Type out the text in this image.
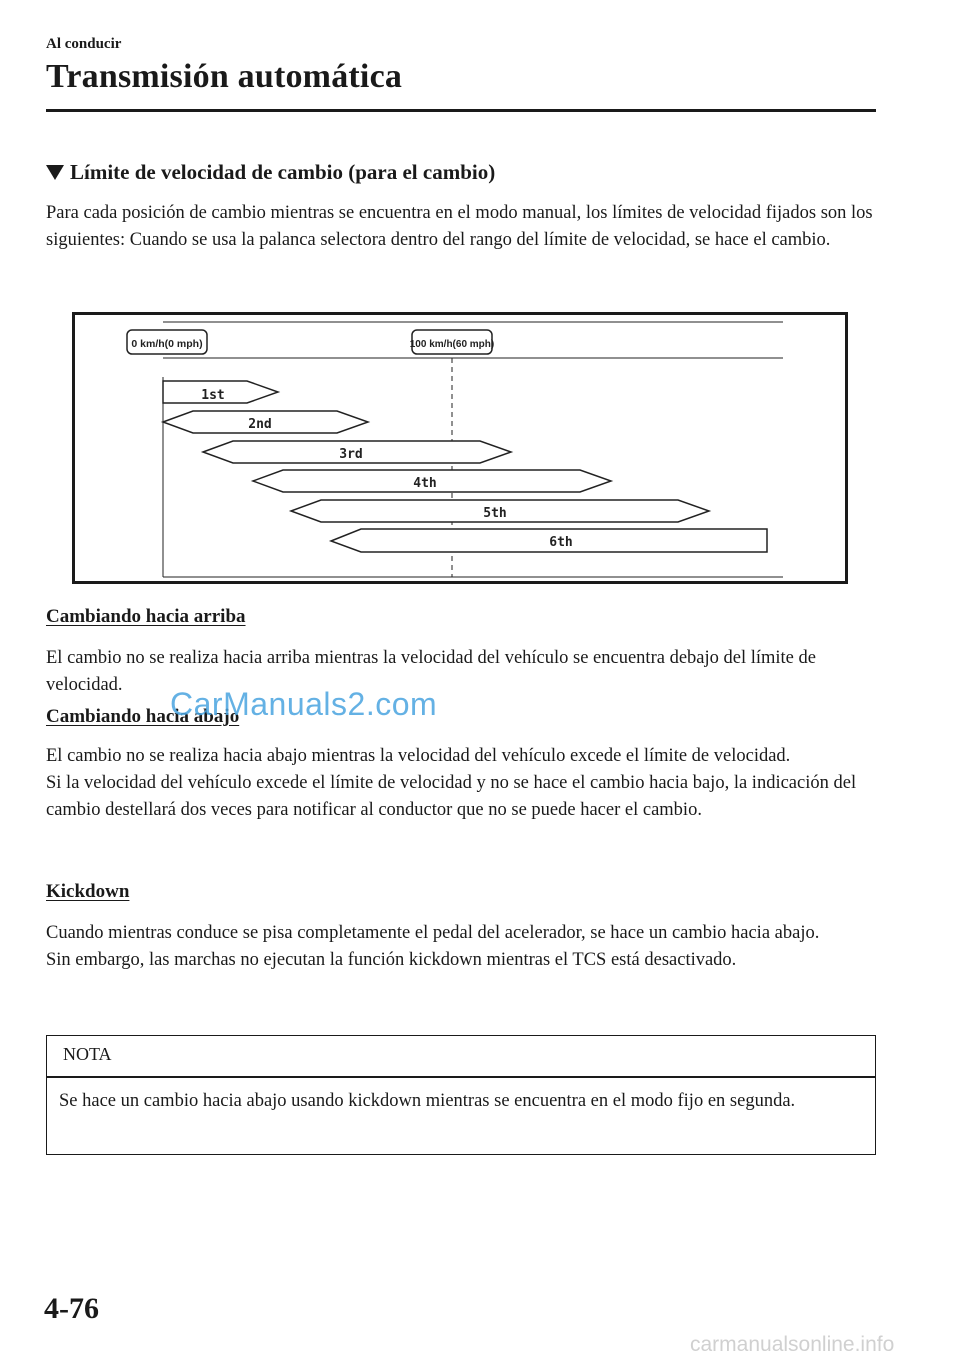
Al conducir
Transmisión automática
Límite de velocidad de cambio (para el cambio)

Para cada posición de cambio mientras se encuentra en el modo manual, los límites de velocidad fijados son los siguientes: Cuando se usa la palanca selectora dentro del rango del límite de velocidad, se hace el cambio.

0 km/h(0 mph)	100 km/h(60 mph)
1st
2nd
3rd
4th
5th
6th
Cambiando hacia arriba

El cambio no se realiza hacia arriba mientras la velocidad del vehículo se encuentra debajo del límite de velocidad.

Cambiando hacia abajo

El cambio no se realiza hacia abajo mientras la velocidad del vehículo excede el límite de velocidad.

Si la velocidad del vehículo excede el límite de velocidad y no se hace el cambio hacia bajo, la indicación del cambio destellará dos veces para notificar al conductor que no se puede hacer el cambio.

Kickdown

Cuando mientras conduce se pisa completamente el pedal del acelerador, se hace un cambio hacia abajo.

Sin embargo, las marchas no ejecutan la función kickdown mientras el TCS está desactivado.

NOTA
Se hace un cambio hacia abajo usando kickdown mientras se encuentra en el modo fijo en segunda.
CarManuals2.com
4-76
carmanualsonline.info
